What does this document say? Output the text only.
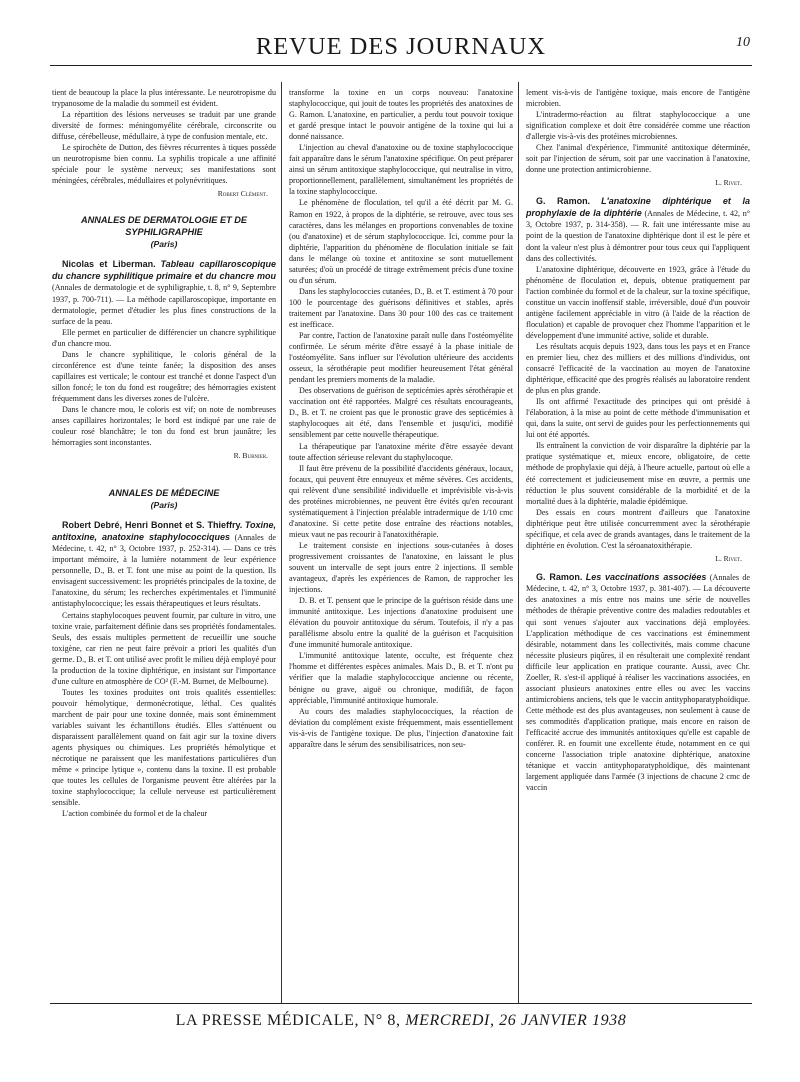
REVUE DES JOURNAUX	10

tient de beaucoup la place la plus intéressante. Le neurotropisme du trypanosome de la maladie du sommeil est évident.

La répartition des lésions nerveuses se traduit par une grande diversité de formes: méningomyélite cérébrale, circonscrite ou diffuse, cérébelleuse, médullaire, à type de confusion mentale, etc.

Le spirochète de Dutton, des fièvres récurrentes à tiques possède un neurotropisme bien connu. La syphilis tropicale a une affinité spéciale pour le système nerveux; ses manifestations sont méningées, cérébrales, médullaires et polynévritiques.

Robert Clément.
ANNALES DE DERMATOLOGIE ET DE SYPHILIGRAPHIE
(Paris)

Nicolas et Liberman. Tableau capillaroscopique du chancre syphilitique primaire et du chancre mou (Annales de dermatologie et de syphiligraphie, t. 8, n° 9, Septembre 1937, p. 700-711). — La méthode capillaroscopique, importante en dermatologie, permet d'étudier les plus fines constructions de la surface de la peau.

Elle permet en particulier de différencier un chancre syphilitique d'un chancre mou.

Dans le chancre syphilitique, le coloris général de la circonférence est d'une teinte fanée; la disposition des anses capillaires est verticale; le contour est tranché et donne l'aspect d'un sillon foncé; le ton du fond est rougeâtre; des hémorragies existent fréquemment dans les diverses zones de l'ulcère.

Dans le chancre mou, le coloris est vif; on note de nombreuses anses capillaires horizontales; le bord est indiqué par une raie de couleur rosé blanchâtre; le ton du fond est brun jaunâtre; les hémorragies sont inconstantes.

R. Burnier.
ANNALES DE MÉDECINE
(Paris)

Robert Debré, Henri Bonnet et S. Thieffry. Toxine, antitoxine, anatoxine staphylococciques (Annales de Médecine, t. 42, n° 3, Octobre 1937, p. 252-314). — Dans ce très important mémoire, à la lumière notamment de leur expérience personnelle, D., B. et T. font une mise au point de la question. Ils envisagent successivement: les propriétés principales de la toxine, de l'anatoxine, du sérum; les recherches expérimentales et l'immunité antistaphylococcique; les essais thérapeutiques et leurs résultats.

Certains staphylocoques peuvent fournir, par culture in vitro, une toxine vraie, parfaitement définie dans ses propriétés fondamentales. Seuls, des essais multiples permettent de recueillir une souche toxigène, car rien ne peut faire prévoir a priori les qualités d'un germe. D., B. et T. ont utilisé avec profit le milieu déjà employé pour la production de la toxine diphtérique, en insistant sur l'importance d'une culture en atmosphère de CO² (F.-M. Burnet, de Melbourne).

Toutes les toxines produites ont trois qualités essentielles: pouvoir hémolytique, dermonécrotique, léthal. Ces qualités marchent de pair pour une toxine donnée, mais sont éminemment variables suivant les échantillons étudiés. Elles s'atténuent ou disparaissent parallèlement quand on fait agir sur la toxine divers agents physiques ou chimiques. Les propriétés hémolytique et nécrotique ne paraissent que les manifestations particulières d'un même « principe lytique », contenu dans la toxine. Il est probable que toutes les cellules de l'organisme peuvent être altérées par la toxine staphylococcique; la cellule nerveuse est particulièrement sensible.

L'action combinée du formol et de la chaleur

transforme la toxine en un corps nouveau: l'anatoxine staphylococcique, qui jouit de toutes les propriétés des anatoxines de G. Ramon. L'anatoxine, en particulier, a perdu tout pouvoir toxique et gardé presque intact le pouvoir antigène de la toxine qui lui a donné naissance.

L'injection au cheval d'anatoxine ou de toxine staphylococcique fait apparaître dans le sérum l'anatoxine spécifique. On peut préparer ainsi un sérum antitoxique staphylococcique, qui neutralise in vitro, proportionnellement, parallèlement, simultanément les propriétés de la toxine staphylococcique.

Le phénomène de floculation, tel qu'il a été décrit par M. G. Ramon en 1922, à propos de la diphtérie, se retrouve, avec tous ses caractères, dans les mélanges en proportions convenables de toxine (ou d'anatoxine) et de sérum staphylococcique. Ici, comme pour la diphtérie, l'apparition du phénomène de floculation initiale se fait dans le mélange où toxine et antitoxine se sont mutuellement saturées; d'où un procédé de titrage extrêmement précis d'une toxine ou d'un sérum.

Dans les staphylococcies cutanées, D., B. et T. estiment à 70 pour 100 le pourcentage des guérisons définitives et stables, après traitement par l'anatoxine. Dans 30 pour 100 des cas ce traitement est inefficace.

Par contre, l'action de l'anatoxine paraît nulle dans l'ostéomyélite confirmée. Le sérum mérite d'être essayé à la phase initiale de l'ostéomyélite. Sans influer sur l'évolution ultérieure des accidents osseux, la sérothérapie peut modifier heureusement l'état général pendant les premiers moments de la maladie.

Des observations de guérison de septicémies après sérothérapie et vaccination ont été rapportées. Malgré ces résultats encourageants, D., B. et T. ne croient pas que le pronostic grave des septicémies à staphylocoques ait été, dans l'ensemble et jusqu'ici, modifié sensiblement par cette nouvelle thérapeutique.

La thérapeutique par l'anatoxine mérite d'être essayée devant toute affection sérieuse relevant du staphylocoque.

Il faut être prévenu de la possibilité d'accidents généraux, locaux, focaux, qui peuvent être ennuyeux et même sévères. Ces accidents, qui relèvent d'une sensibilité individuelle et imprévisible vis-à-vis des protéines microbiennes, ne peuvent être évités qu'en recourant systématiquement à l'injection préalable intradermique de 1/10 cmc d'anatoxine. Si cette petite dose entraîne des réactions notables, mieux vaut ne pas recourir à l'anatoxithérapie.

Le traitement consiste en injections sous-cutanées à doses progressivement croissantes de l'anatoxine, en laissant le plus souvent un intervalle de sept jours entre 2 injections. Il semble avantageux, d'après les expériences de Ramon, de rapprocher les injections.

D. B. et T. pensent que le principe de la guérison réside dans une immunité antitoxique. Les injections d'anatoxine produisent une élévation du pouvoir antitoxique du sérum. Toutefois, il n'y a pas parallélisme absolu entre la qualité de la guérison et l'acquisition d'une immunité humorale antitoxique.

L'immunité antitoxique latente, occulte, est fréquente chez l'homme et différentes espèces animales. Mais D., B. et T. n'ont pu vérifier que la maladie staphylococcique ancienne ou récente, bénigne ou grave, aiguë ou chronique, modifiât, de façon appréciable, l'immunité antitoxique humorale.

Au cours des maladies staphylococciques, la réaction de déviation du complément existe fréquemment, mais essentiellement vis-à-vis de l'antigène toxique. De plus, l'injection d'anatoxine fait apparaître dans le sérum des sensibilisatrices, non seu-

lement vis-à-vis de l'antigène toxique, mais encore de l'antigène microbien.

L'intradermo-réaction au filtrat staphylococcique a une signification complexe et doit être considérée comme une réaction d'allergie vis-à-vis des protéines microbiennes.

Chez l'animal d'expérience, l'immunité antitoxique déterminée, soit par l'injection de sérum, soit par une vaccination à l'anatoxine, donne une protection antimicrobienne.

L. Rivet.

G. Ramon. L'anatoxine diphtérique et la prophylaxie de la diphtérie (Annales de Médecine, t. 42, n° 3, Octobre 1937, p. 314-358). — R. fait une intéressante mise au point de la question de l'anatoxine diphtérique dont il est le père et dont la valeur n'est plus à démontrer pour tous ceux qui l'appliquent dans des collectivités.

L'anatoxine diphtérique, découverte en 1923, grâce à l'étude du phénomène de floculation et, depuis, obtenue pratiquement par l'action combinée du formol et de la chaleur, sur la toxine spécifique, constitue un vaccin inoffensif stable, irréversible, doué d'un pouvoir antigène facilement appréciable in vitro (à l'aide de la réaction de floculation) et capable de provoquer chez l'homme l'apparition et le développement d'une immunité active, solide et durable.

Les résultats acquis depuis 1923, dans tous les pays et en France en premier lieu, chez des milliers et des millions d'individus, ont consacré l'efficacité de la vaccination au moyen de l'anatoxine diphtérique, efficacité que des progrès réalisés au laboratoire rendent de plus en plus grande.

Ils ont affirmé l'exactitude des principes qui ont présidé à l'élaboration, à la mise au point de cette méthode d'immunisation et qui, dans la suite, ont servi de guides pour les perfectionnements qui lui ont été apportés.

Ils entraînent la conviction de voir disparaître la diphtérie par la pratique systématique et, mieux encore, obligatoire, de cette méthode de prophylaxie qui déjà, à l'heure actuelle, partout où elle a été correctement et judicieusement mise en œuvre, a permis une réduction le plus souvent considérable de la morbidité et de la mortalité dues à la diphtérie, maladie épidémique.

Des essais en cours montrent d'ailleurs que l'anatoxine diphtérique peut être utilisée concurremment avec la sérothérapie spécifique, et cela avec de grands avantages, dans le traitement de la diphtérie en évolution. C'est la séroanatoxithérapie.

L. Rivet.

G. Ramon. Les vaccinations associées (Annales de Médecine, t. 42, n° 3, Octobre 1937, p. 381-407). — La découverte des anatoxines a mis entre nos mains une série de nouvelles méthodes de thérapie préventive contre des maladies redoutables et qui sont venues s'ajouter aux vaccinations déjà employées. L'application méthodique de ces vaccinations est éminemment désirable, notamment dans les collectivités, mais comme chacune nécessite plusieurs piqûres, il en résulterait une complexité rendant difficile leur application en pratique courante. Aussi, avec Chr. Zoeller, R. s'est-il appliqué à réaliser les vaccinations associées, en associant plusieurs anatoxines entre elles ou avec les vaccins antimicrobiens anciens, tels que le vaccin antityphoparatyphoïdique. Cette méthode est des plus avantageuses, non seulement à cause de ses commodités d'application pratique, mais encore en raison de l'efficacité accrue des immunités antitoxiques qu'elle est capable de conférer. R. en fournit une excellente étude, notamment en ce qui concerne l'association triple anatoxine diphtérique, anatoxine tétanique et vaccin antityphoparatyphoïdique, dès maintenant largement appliquée dans l'armée (3 injections de chacune 2 cmc de vaccin

LA PRESSE MÉDICALE, N° 8, MERCREDI, 26 JANVIER 1938
